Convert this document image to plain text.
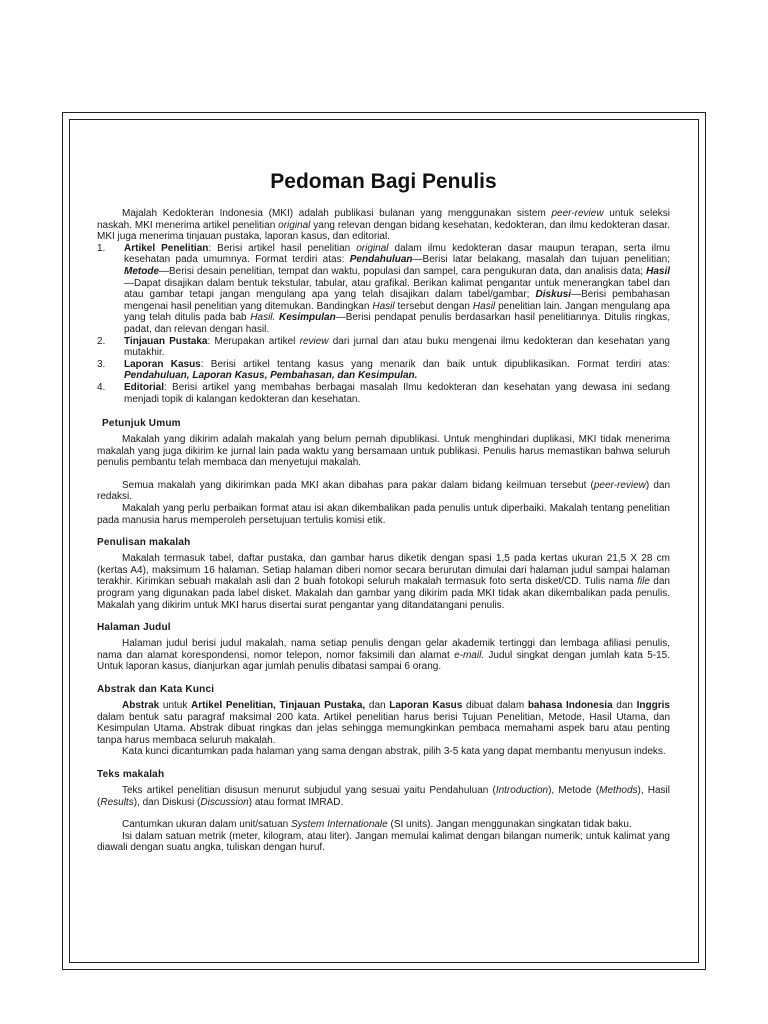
Pedoman Bagi Penulis

Majalah Kedokteran Indonesia (MKI) adalah publikasi bulanan yang menggunakan sistem peer-review untuk seleksi naskah. MKI menerima artikel penelitian original yang relevan dengan bidang kesehatan, kedokteran, dan ilmu kedokteran dasar. MKI juga menerima tinjauan pustaka, laporan kasus, dan editorial.

1. Artikel Penelitian: Berisi artikel hasil penelitian original dalam ilmu kedokteran dasar maupun terapan, serta ilmu kesehatan pada umumnya. Format terdiri atas: Pendahuluan—Berisi latar belakang, masalah dan tujuan penelitian; Metode—Berisi desain penelitian, tempat dan waktu, populasi dan sampel, cara pengukuran data, dan analisis data; Hasil—Dapat disajikan dalam bentuk tekstular, tabular, atau grafikal. Berikan kalimat pengantar untuk menerangkan tabel dan atau gambar tetapi jangan mengulang apa yang telah disajikan dalam tabel/gambar; Diskusi—Berisi pembahasan mengenai hasil penelitian yang ditemukan. Bandingkan Hasil tersebut dengan Hasil penelitian lain. Jangan mengulang apa yang telah ditulis pada bab Hasil. Kesimpulan—Berisi pendapat penulis berdasarkan hasil penelitiannya. Ditulis ringkas, padat, dan relevan dengan hasil.
2. Tinjauan Pustaka: Merupakan artikel review dari jurnal dan atau buku mengenai ilmu kedokteran dan kesehatan yang mutakhir.
3. Laporan Kasus: Berisi artikel tentang kasus yang menarik dan baik untuk dipublikasikan. Format terdiri atas: Pendahuluan, Laporan Kasus, Pembahasan, dan Kesimpulan.
4. Editorial: Berisi artikel yang membahas berbagai masalah Ilmu kedokteran dan kesehatan yang dewasa ini sedang menjadi topik di kalangan kedokteran dan kesehatan.
Petunjuk Umum

Makalah yang dikirim adalah makalah yang belum pernah dipublikasi. Untuk menghindari duplikasi, MKI tidak menerima makalah yang juga dikirim ke jurnal lain pada waktu yang bersamaan untuk publikasi. Penulis harus memastikan bahwa seluruh penulis pembantu telah membaca dan menyetujui makalah.

Semua makalah yang dikirimkan pada MKI akan dibahas para pakar dalam bidang keilmuan tersebut (peer-review) dan redaksi.

Makalah yang perlu perbaikan format atau isi akan dikembalikan pada penulis untuk diperbaiki. Makalah tentang penelitian pada manusia harus memperoleh persetujuan tertulis komisi etik.

Penulisan makalah

Makalah termasuk tabel, daftar pustaka, dan gambar harus diketik dengan spasi 1,5 pada kertas ukuran 21,5 X 28 cm (kertas A4), maksimum 16 halaman. Setiap halaman diberi nomor secara berurutan dimulai dari halaman judul sampai halaman terakhir. Kirimkan sebuah makalah asli dan 2 buah fotokopi seluruh makalah termasuk foto serta disket/CD. Tulis nama file dan program yang digunakan pada label disket. Makalah dan gambar yang dikirim pada MKI tidak akan dikembalikan pada penulis. Makalah yang dikirim untuk MKI harus disertai surat pengantar yang ditandatangani penulis.

Halaman Judul

Halaman judul berisi judul makalah, nama setiap penulis dengan gelar akademik tertinggi dan lembaga afiliasi penulis, nama dan alamat korespondensi, nomor telepon, nomor faksimili dan alamat e-mail. Judul singkat dengan jumlah kata 5-15. Untuk laporan kasus, dianjurkan agar jumlah penulis dibatasi sampai 6 orang.

Abstrak dan Kata Kunci

Abstrak untuk Artikel Penelitian, Tinjauan Pustaka, dan Laporan Kasus dibuat dalam bahasa Indonesia dan Inggris dalam bentuk satu paragraf maksimal 200 kata. Artikel penelitian harus berisi Tujuan Penelitian, Metode, Hasil Utama, dan Kesimpulan Utama. Abstrak dibuat ringkas dan jelas sehingga memungkinkan pembaca memahami aspek baru atau penting tanpa harus membaca seluruh makalah.

Kata kunci dicantumkan pada halaman yang sama dengan abstrak, pilih 3-5 kata yang dapat membantu menyusun indeks.

Teks makalah

Teks artikel penelitian disusun menurut subjudul yang sesuai yaitu Pendahuluan (Introduction), Metode (Methods), Hasil (Results), dan Diskusi (Discussion) atau format IMRAD.

Cantumkan ukuran dalam unit/satuan System Internationale (SI units). Jangan menggunakan singkatan tidak baku.

Isi dalam satuan metrik (meter, kilogram, atau liter). Jangan memulai kalimat dengan bilangan numerik; untuk kalimat yang diawali dengan suatu angka, tuliskan dengan huruf.
